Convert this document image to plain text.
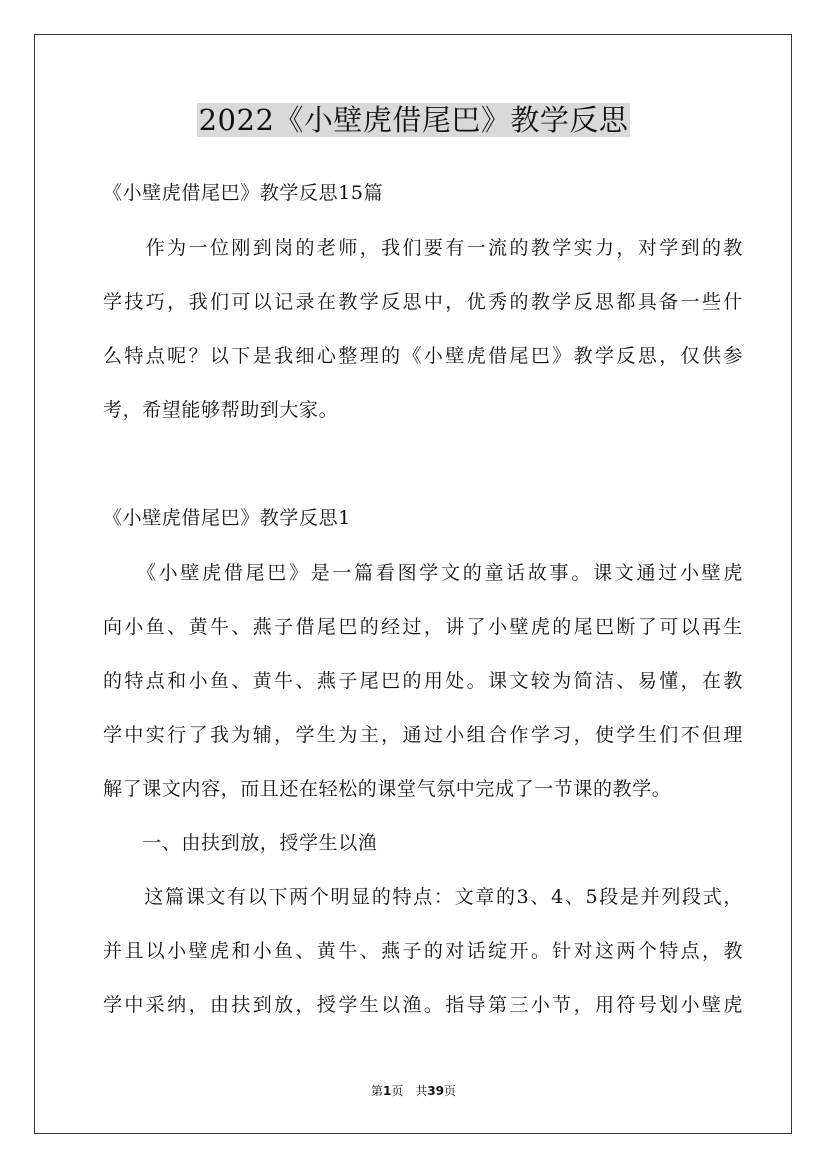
2022《小壁虎借尾巴》教学反思
《小壁虎借尾巴》教学反思15篇
　　作为一位刚到岗的老师，我们要有一流的教学实力，对学到的教
学技巧，我们可以记录在教学反思中，优秀的教学反思都具备一些什
么特点呢？以下是我细心整理的《小壁虎借尾巴》教学反思，仅供参
考，希望能够帮助到大家。
《小壁虎借尾巴》教学反思1
　　《小壁虎借尾巴》是一篇看图学文的童话故事。课文通过小壁虎
向小鱼、黄牛、燕子借尾巴的经过，讲了小壁虎的尾巴断了可以再生
的特点和小鱼、黄牛、燕子尾巴的用处。课文较为简洁、易懂，在教
学中实行了我为辅，学生为主，通过小组合作学习，使学生们不但理
解了课文内容，而且还在轻松的课堂气氛中完成了一节课的教学。
　　一、由扶到放，授学生以渔
　　这篇课文有以下两个明显的特点：文章的3、4、5段是并列段式，
并且以小壁虎和小鱼、黄牛、燕子的对话绽开。针对这两个特点，教
学中采纳，由扶到放，授学生以渔。指导第三小节，用符号划小壁虎
第1页　共39页
